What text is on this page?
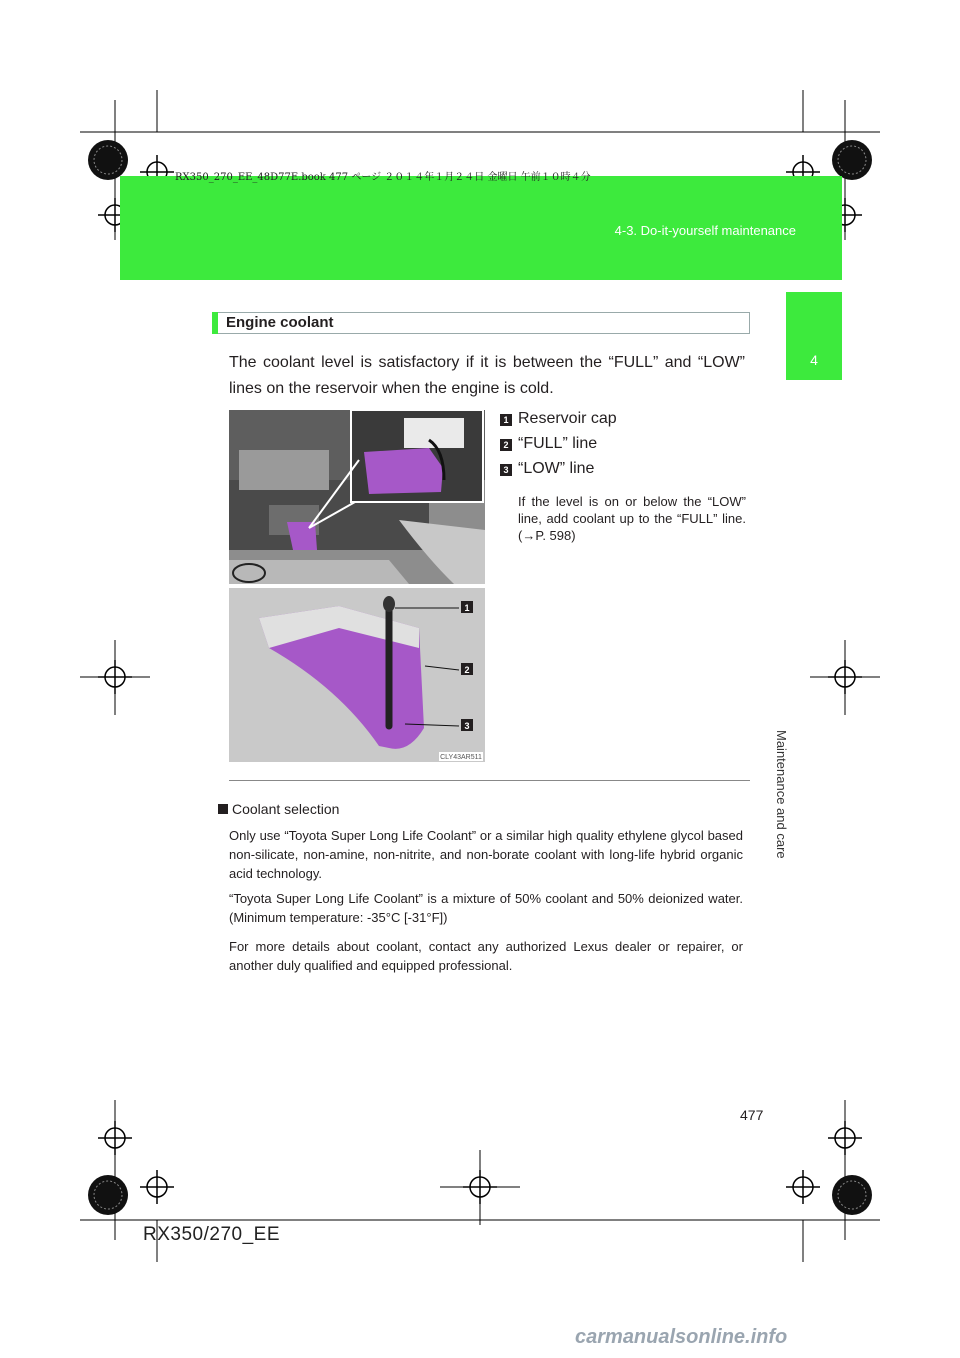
RX350_270_EE_48D77E.book 477 ページ ２０１４年１月２４日 金曜日 午前１０時４分
4-3. Do-it-yourself maintenance
4
Maintenance and care
Engine coolant
The coolant level is satisfactory if it is between the “FULL” and “LOW” lines on the reservoir when the engine is cold.
1
2
3
CLY43AR511
1 Reservoir cap
2 “FULL” line
3 “LOW” line
If the level is on or below the “LOW” line, add coolant up to the “FULL” line. (→P. 598)
Coolant selection
Only use “Toyota Super Long Life Coolant” or a similar high quality ethylene glycol based non-silicate, non-amine, non-nitrite, and non-borate coolant with long-life hybrid organic acid technology.
“Toyota Super Long Life Coolant” is a mixture of 50% coolant and 50% deionized water. (Minimum temperature: -35°C [-31°F])
For more details about coolant, contact any authorized Lexus dealer or repairer, or another duly qualified and equipped professional.
477
RX350/270_EE
carmanualsonline.info
